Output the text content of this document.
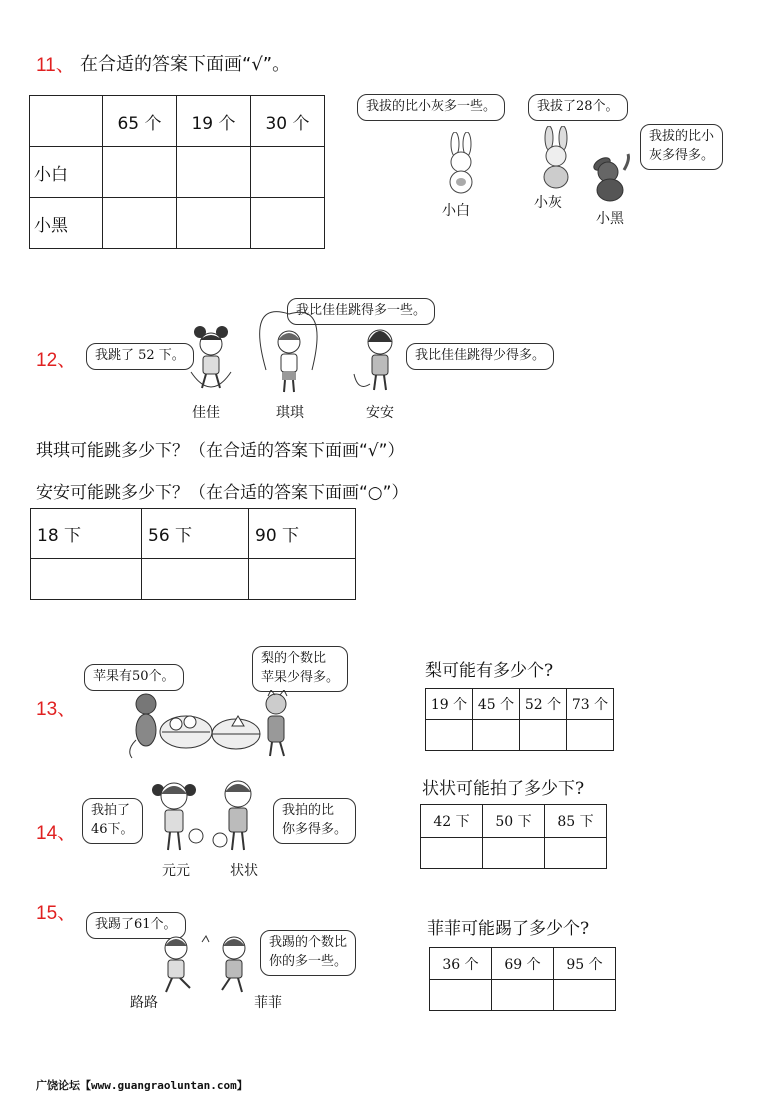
11、 在合适的答案下面画“√”。
	65 个	19 个	30 个
小白			
小黑			
我拔的比小灰多一些。	我拔了28个。
我拔的比小
灰多得多。
小白	小灰
小黑
12、	我跳了 52 下。
我比佳佳跳得多一些。
我比佳佳跳得少得多。
佳佳	琪琪	安安
琪琪可能跳多少下？（在合适的答案下面画“√”）
安安可能跳多少下？（在合适的答案下面画“○”）
18 下	56 下	90 下

13、
苹果有50个。
梨的个数比
苹果少得多。	梨可能有多少个?
19 个	45 个	52 个	73 个

14、
我拍了
46下。
我拍的比
你多得多。
元元	状状
状状可能拍了多少下?
42 下	50 下	85 下

15、
我踢了61个。
我踢的个数比
你的多一些。
路路	菲菲
菲菲可能踢了多少个?
36 个	69 个	95 个

广饶论坛【www.guangraoluntan.com】
